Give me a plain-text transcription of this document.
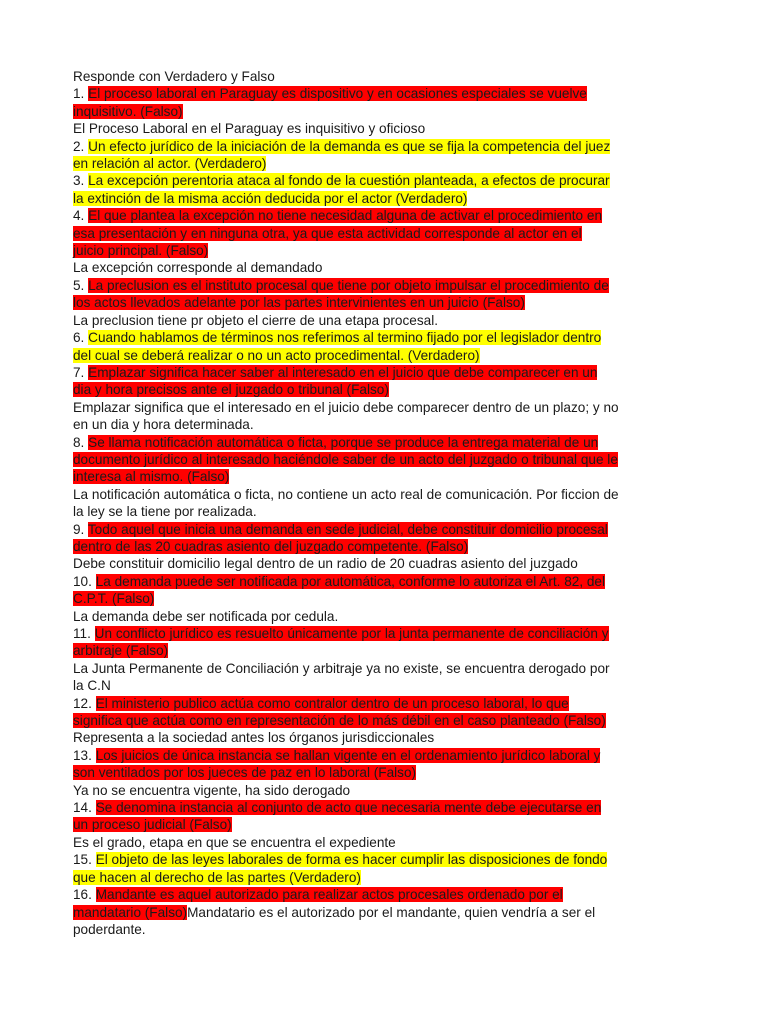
Responde con Verdadero y Falso
1. El proceso laboral en Paraguay es dispositivo y en ocasiones especiales se vuelve
inquisitivo. (Falso)
El Proceso Laboral en el Paraguay es inquisitivo y oficioso
2. Un efecto jurídico de la iniciación de la demanda es que se fija la competencia del juez
en relación al actor. (Verdadero)
3. La excepción perentoria ataca al fondo de la cuestión planteada, a efectos de procurar
la extinción de la misma acción deducida por el actor (Verdadero)
4. El que plantea la excepción no tiene necesidad alguna de activar el procedimiento en
esa presentación y en ninguna otra, ya que esta actividad corresponde al actor en el
juicio principal. (Falso)
La excepción corresponde al demandado
5. La preclusion es el instituto procesal que tiene por objeto impulsar el procedimiento de
los actos llevados adelante por las partes intervinientes en un juicio (Falso)
La preclusion tiene pr objeto el cierre de una etapa procesal.
6. Cuando hablamos de términos nos referimos al termino fijado por el legislador dentro
del cual se deberá realizar o no un acto procedimental. (Verdadero)
7. Emplazar significa hacer saber al interesado en el juicio que debe comparecer en un
dia y hora precisos ante el juzgado o tribunal (Falso)
Emplazar significa que el interesado en el juicio debe comparecer dentro de un plazo; y no
en un dia y hora determinada.
8. Se llama notificación automática o ficta, porque se produce la entrega material de un
documento jurídico al interesado haciéndole saber de un acto del juzgado o tribunal que le
interesa al mismo. (Falso)
La notificación automática o ficta, no contiene un acto real de comunicación. Por ficcion de
la ley se la tiene por realizada.
9. Todo aquel que inicia una demanda en sede judicial, debe constituir domicilio procesal
dentro de las 20 cuadras asiento del juzgado competente. (Falso)
Debe constituir domicilio legal dentro de un radio de 20 cuadras asiento del juzgado
10. La demanda puede ser notificada por automática, conforme lo autoriza el Art. 82, del
C.P.T. (Falso)
La demanda debe ser notificada por cedula.
11. Un conflicto jurídico es resuelto únicamente por la junta permanente de conciliación y
arbitraje (Falso)
La Junta Permanente de Conciliación y arbitraje ya no existe, se encuentra derogado por
la C.N
12. El ministerio publico actúa como contralor dentro de un proceso laboral, lo que
significa que actúa como en representación de lo más débil en el caso planteado (Falso)
Representa a la sociedad antes los órganos jurisdiccionales
13. Los juicios de única instancia se hallan vigente en el ordenamiento jurídico laboral y
son ventilados por los jueces de paz en lo laboral (Falso)
Ya no se encuentra vigente, ha sido derogado
14. Se denomina instancia al conjunto de acto que necesaria mente debe ejecutarse en
un proceso judicial (Falso)
Es el grado, etapa en que se encuentra el expediente
15. El objeto de las leyes laborales de forma es hacer cumplir las disposiciones de fondo
que hacen al derecho de las partes (Verdadero)
16. Mandante es aquel autorizado para realizar actos procesales ordenado por el
mandatario (Falso)Mandatario es el autorizado por el mandante, quien vendría a ser el
poderdante.
